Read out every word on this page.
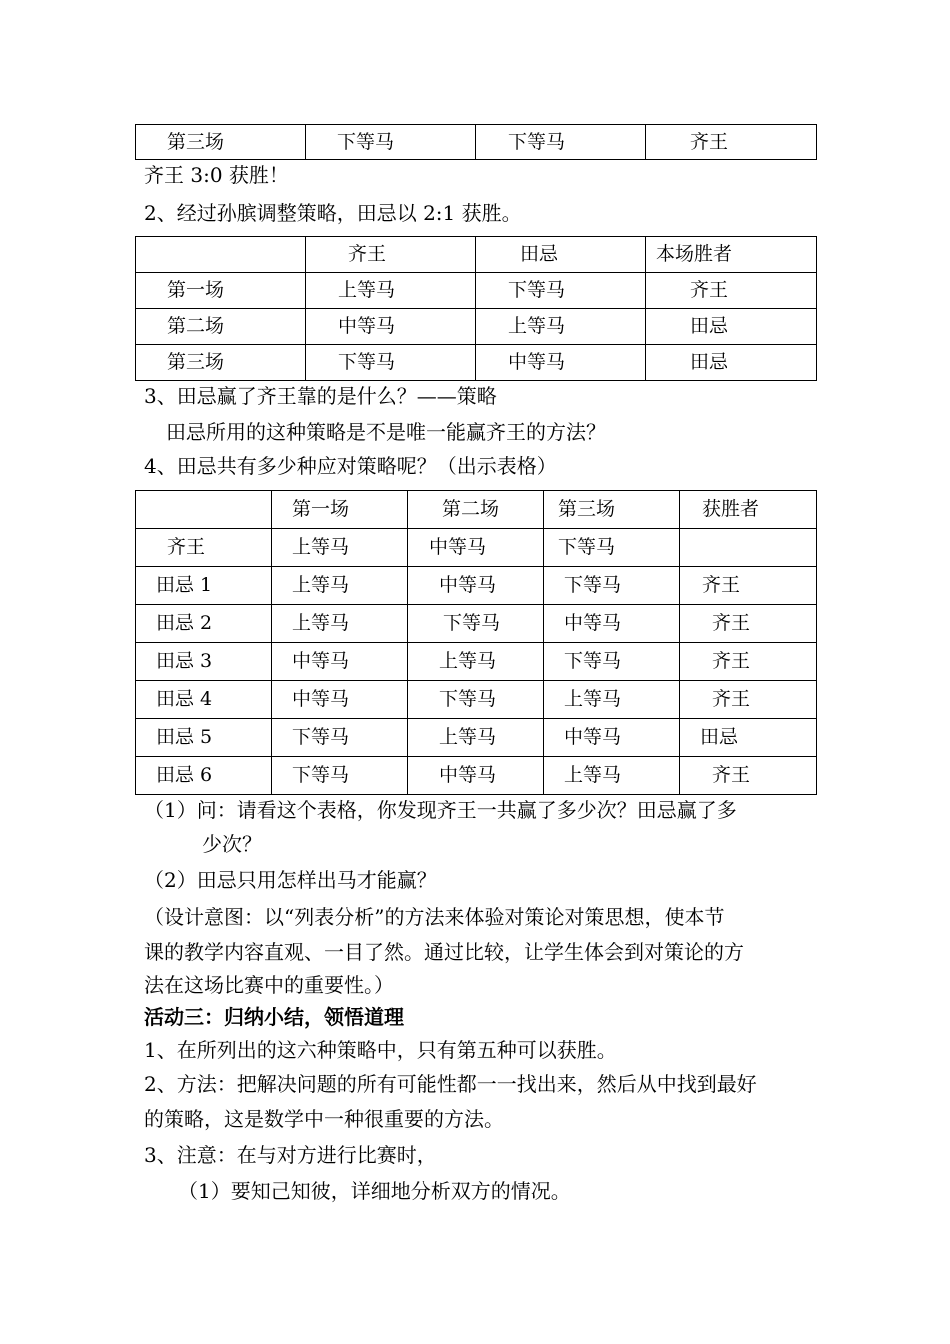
第三场	下等马	下等马	齐王
齐王 3:0 获胜！
2、经过孙膑调整策略，田忌以 2:1 获胜。

	齐王	田忌	本场胜者

第一场	上等马	下等马	齐王

第二场	中等马	上等马	田忌

第三场	下等马	中等马	田忌
3、田忌赢了齐王靠的是什么？——策略
田忌所用的这种策略是不是唯一能赢齐王的方法？
4、田忌共有多少种应对策略呢？（出示表格）

	第一场	第二场	第三场	获胜者

齐王	上等马	中等马	下等马	

田忌 1	上等马	中等马	下等马	齐王

田忌 2	上等马	下等马	中等马	齐王

田忌 3	中等马	上等马	下等马	齐王

田忌 4	中等马	下等马	上等马	齐王

田忌 5	下等马	上等马	中等马	田忌

田忌 6	下等马	中等马	上等马	齐王
（1）问：请看这个表格，你发现齐王一共赢了多少次？田忌赢了多
少次？
（2）田忌只用怎样出马才能赢？
（设计意图：以“列表分析”的方法来体验对策论对策思想，使本节
课的教学内容直观、一目了然。通过比较，让学生体会到对策论的方
法在这场比赛中的重要性。）
活动三：归纳小结，领悟道理
1、在所列出的这六种策略中，只有第五种可以获胜。
2、方法：把解决问题的所有可能性都一一找出来，然后从中找到最好
的策略，这是数学中一种很重要的方法。
3、注意：在与对方进行比赛时，
（1）要知己知彼，详细地分析双方的情况。
